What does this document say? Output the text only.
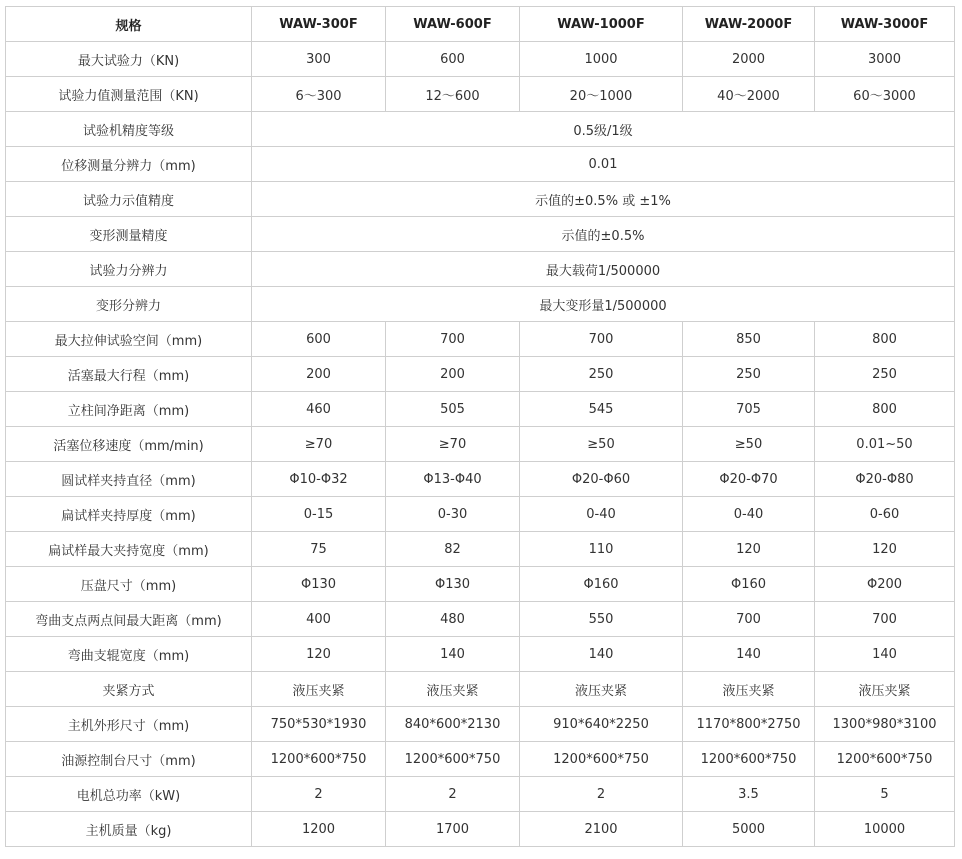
规格	WAW-300F	WAW-600F	WAW-1000F	WAW-2000F	WAW-3000F
最大试验力（KN)	300	600	1000	2000	3000
试验力值测量范围（KN)	6～300	12～600	20～1000	40～2000	60～3000
试验机精度等级	0.5级/1级				
位移测量分辨力（mm)	0.01				
试验力示值精度	示值的±0.5% 或 ±1%				
变形测量精度	示值的±0.5%				
试验力分辨力	最大载荷1/500000				
变形分辨力	最大变形量1/500000				
最大拉伸试验空间（mm)	600	700	700	850	800
活塞最大行程（mm)	200	200	250	250	250
立柱间净距离（mm)	460	505	545	705	800
活塞位移速度（mm/min)	≥70	≥70	≥50	≥50	0.01~50
圆试样夹持直径（mm)	Φ10-Φ32	Φ13-Φ40	Φ20-Φ60	Φ20-Φ70	Φ20-Φ80
扁试样夹持厚度（mm)	0-15	0-30	0-40	0-40	0-60
扁试样最大夹持宽度（mm)	75	82	110	120	120
压盘尺寸（mm)	Φ130	Φ130	Φ160	Φ160	Φ200
弯曲支点两点间最大距离（mm)	400	480	550	700	700
弯曲支辊宽度（mm)	120	140	140	140	140
夹紧方式	液压夹紧	液压夹紧	液压夹紧	液压夹紧	液压夹紧
主机外形尺寸（mm)	750*530*1930	840*600*2130	910*640*2250	1170*800*2750	1300*980*3100
油源控制台尺寸（mm)	1200*600*750	1200*600*750	1200*600*750	1200*600*750	1200*600*750
电机总功率（kW)	2	2	2	3.5	5
主机质量（kg)	1200	1700	2100	5000	10000
